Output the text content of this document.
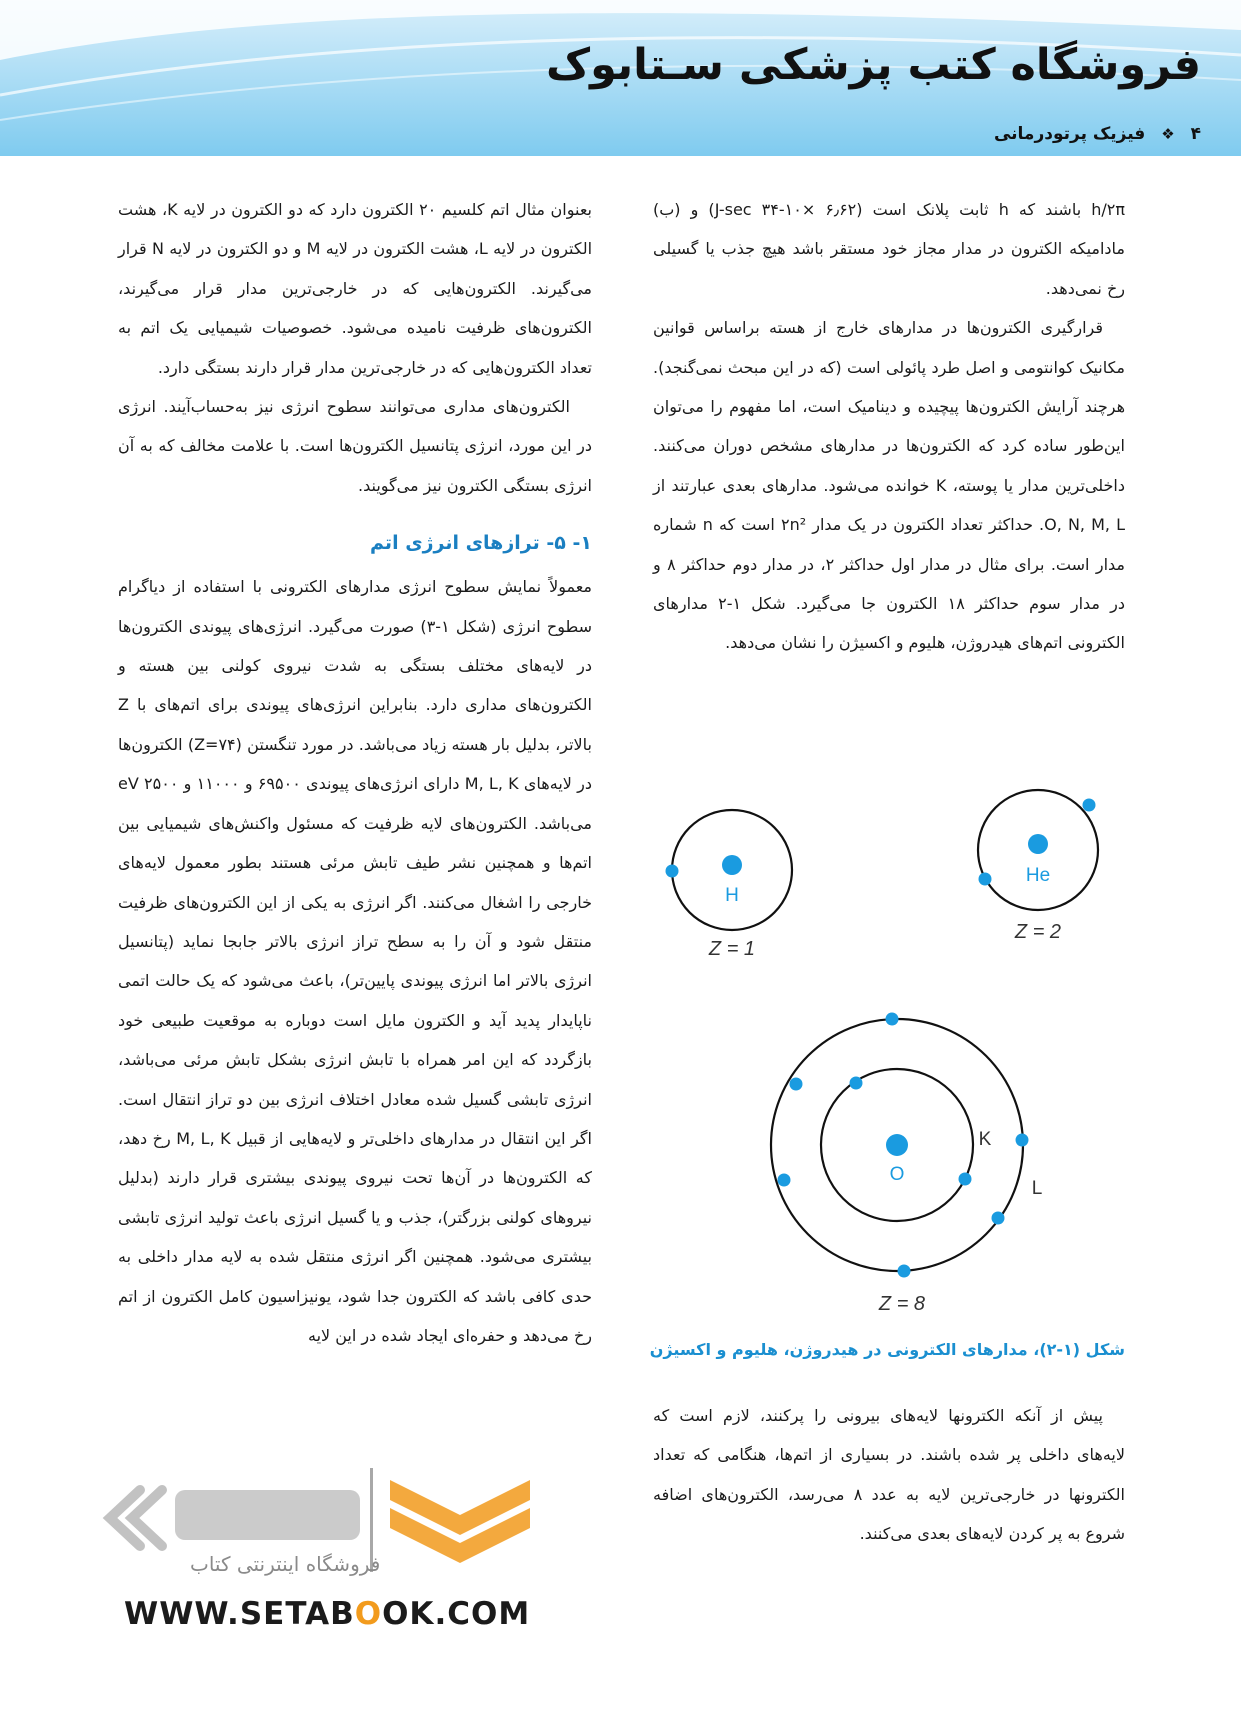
فروشگاه کتب پزشکی سـتابوک
۴ ❖ فیزیک پرتودرمانی

h/۲π باشند که h ثابت پلانک است (J-sec ۳۴-۱۰× ۶٫۶۲) و (ب) مادامیکه الکترون در مدار مجاز خود مستقر باشد هیچ جذب یا گسیلی رخ نمی‌دهد.

قرارگیری الکترون‌ها در مدارهای خارج از هسته براساس قوانین مکانیک کوانتومی و اصل طرد پائولی است (که در این مبحث نمی‌گنجد). هرچند آرایش الکترون‌ها پیچیده و دینامیک است، اما مفهوم را می‌توان این‌طور ساده کرد که الکترون‌ها در مدارهای مشخص دوران می‌کنند. داخلی‌ترین مدار یا پوسته، K خوانده می‌شود. مدارهای بعدی عبارتند از O, N, M, L. حداکثر تعداد الکترون در یک مدار ۲n² است که n شماره مدار است. برای مثال در مدار اول حداکثر ۲، در مدار دوم حداکثر ۸ و در مدار سوم حداکثر ۱۸ الکترون جا می‌گیرد. شکل ۱-۲ مدارهای الکترونی اتم‌های هیدروژن، هلیوم و اکسیژن را نشان می‌دهد.

H
Z = 1
He
Z = 2
O
K
L
Z = 8
شکل (۱-۲)، مدارهای الکترونی در هیدروژن، هلیوم و اکسیژن

پیش از آنکه الکترونها لایه‌های بیرونی را پرکنند، لازم است که لایه‌های داخلی پر شده باشند. در بسیاری از اتم‌ها، هنگامی که تعداد الکترونها در خارجی‌ترین لایه به عدد ۸ می‌رسد، الکترون‌های اضافه شروع به پر کردن لایه‌های بعدی می‌کنند.

بعنوان مثال اتم کلسیم ۲۰ الکترون دارد که دو الکترون در لایه K، هشت الکترون در لایه L، هشت الکترون در لایه M و دو الکترون در لایه N قرار می‌گیرند. الکترون‌هایی که در خارجی‌ترین مدار قرار می‌گیرند، الکترون‌های ظرفیت نامیده می‌شود. خصوصیات شیمیایی یک اتم به تعداد الکترون‌هایی که در خارجی‌ترین مدار قرار دارند بستگی دارد.

الکترون‌های مداری می‌توانند سطوح انرژی نیز به‌حساب‌آیند. انرژی در این مورد، انرژی پتانسیل الکترون‌ها است. با علامت مخالف که به آن انرژی بستگی الکترون نیز می‌گویند.

۱- ۵- ترازهای انرژی اتم

معمولاً نمایش سطوح انرژی مدارهای الکترونی با استفاده از دیاگرام سطوح انرژی (شکل ۱-۳) صورت می‌گیرد. انرژی‌های پیوندی الکترون‌ها در لایه‌های مختلف بستگی به شدت نیروی کولنی بین هسته و الکترون‌های مداری دارد. بنابراین انرژی‌های پیوندی برای اتم‌های با Z بالاتر، بدلیل بار هسته زیاد می‌باشد. در مورد تنگستن (Z=۷۴) الکترون‌ها در لایه‌های M, L, K دارای انرژی‌های پیوندی ۶۹۵۰۰ و ۱۱۰۰۰ و eV ۲۵۰۰ می‌باشد. الکترون‌های لایه ظرفیت که مسئول واکنش‌های شیمیایی بین اتم‌ها و همچنین نشر طیف تابش مرئی هستند بطور معمول لایه‌های خارجی را اشغال می‌کنند. اگر انرژی به یکی از این الکترون‌های ظرفیت منتقل شود و آن را به سطح تراز انرژی بالاتر جابجا نماید (پتانسیل انرژی بالاتر اما انرژی پیوندی پایین‌تر)، باعث می‌شود که یک حالت اتمی ناپایدار پدید آید و الکترون مایل است دوباره به موقعیت طبیعی خود بازگردد که این امر همراه با تابش انرژی بشکل تابش مرئی می‌باشد، انرژی تابشی گسیل شده معادل اختلاف انرژی بین دو تراز انتقال است. اگر این انتقال در مدارهای داخلی‌تر و لایه‌هایی از قبیل M, L, K رخ دهد، که الکترون‌ها در آن‌ها تحت نیروی پیوندی بیشتری قرار دارند (بدلیل نیروهای کولنی بزرگتر)، جذب و یا گسیل انرژی باعث تولید انرژی تابشی بیشتری می‌شود. همچنین اگر انرژی منتقل شده به لایه مدار داخلی به حدی کافی باشد که الکترون جدا شود، یونیزاسیون کامل الکترون از اتم رخ می‌دهد و حفره‌ای ایجاد شده در این لایه

فروشگاه اینترنتی کتاب
WWW.SETABOOK.COM
